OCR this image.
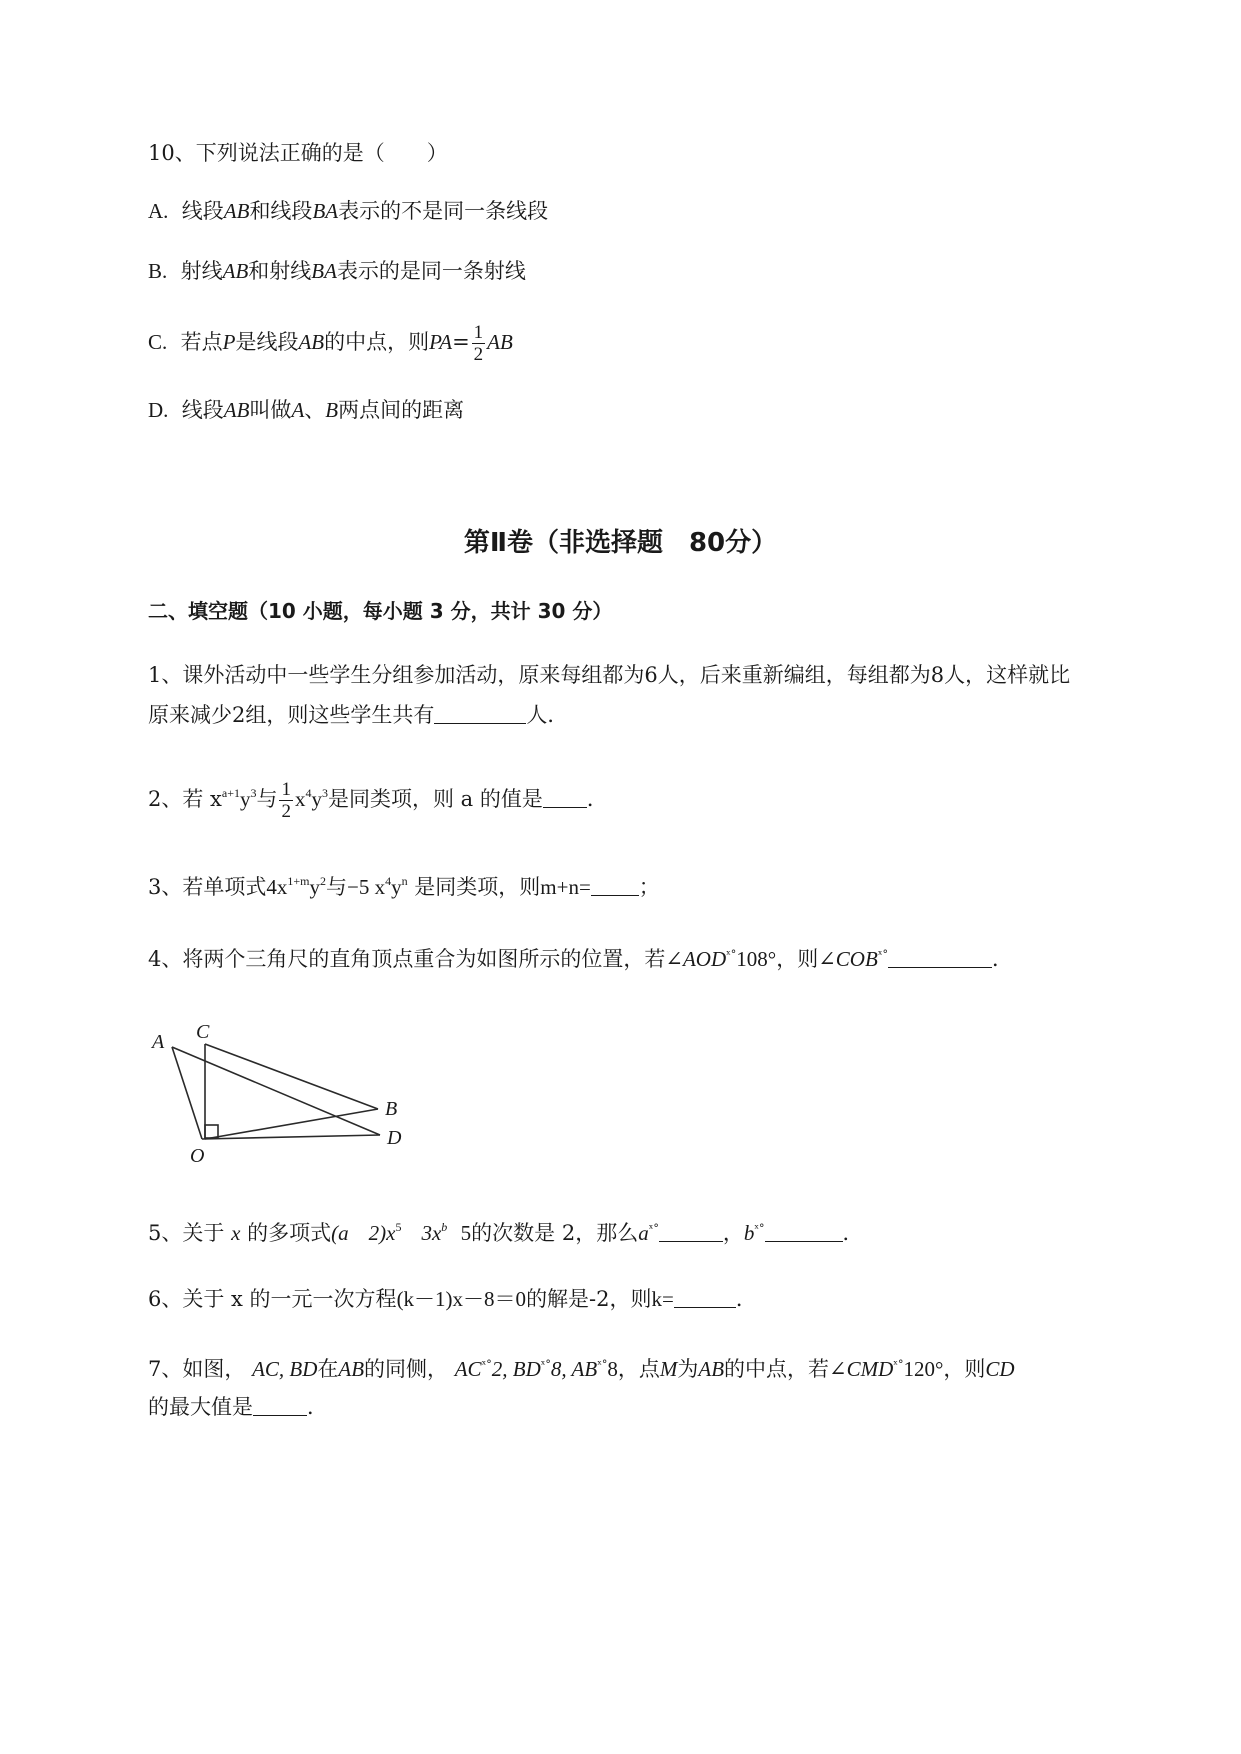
10、下列说法正确的是（　　）
A. 线段AB和线段BA表示的不是同一条线段
B. 射线AB和射线BA表示的是同一条射线
C. 若点P是线段AB的中点，则$PA= \frac{1}{2}$ AB
D. 线段AB叫做A、B两点间的距离
第Ⅱ卷（非选择题　80分）
二、填空题（10 小题，每小题 3 分，共计 30 分）
1、课外活动中一些学生分组参加活动，原来每组都为6人，后来重新编组，每组都为8人，这样就比
原来减少2组，则这些学生共有	人．
2、若 $x^{a+1}y^3$与 $\frac{1}{2} x^4y^3$是同类项，则 a 的值是 ．
3、若单项式$4x^{1+m}y^2$与−5 $x^4y^n$ 是同类项，则m+n= ；
4、将两个三角尺的直角顶点重合为如图所示的位置，若$\angle AOD^{ˣ^\circ}108^\circ$，则$\angle COB^{ˣ^\circ}$	．
A C
B
D
O
5、关于 x 的多项式(a $2)x^5$ $3x^b$ 5的次数是 2，那么$a^{ˣ^\circ}$	，$b^{ˣ^\circ}$	．
6、关于 x 的一元一次方程(k－1)x－8＝0的解是-2，则k=	．
7、如图， AC, BD在AB的同侧， $AC^{ˣ^\circ}2$, $BD^{ˣ^\circ}8$, $AB^{ˣ^\circ}8$，点M为AB的中点，若$\angle CMD^{ˣ^\circ}120^\circ$，则CD
的最大值是	．
